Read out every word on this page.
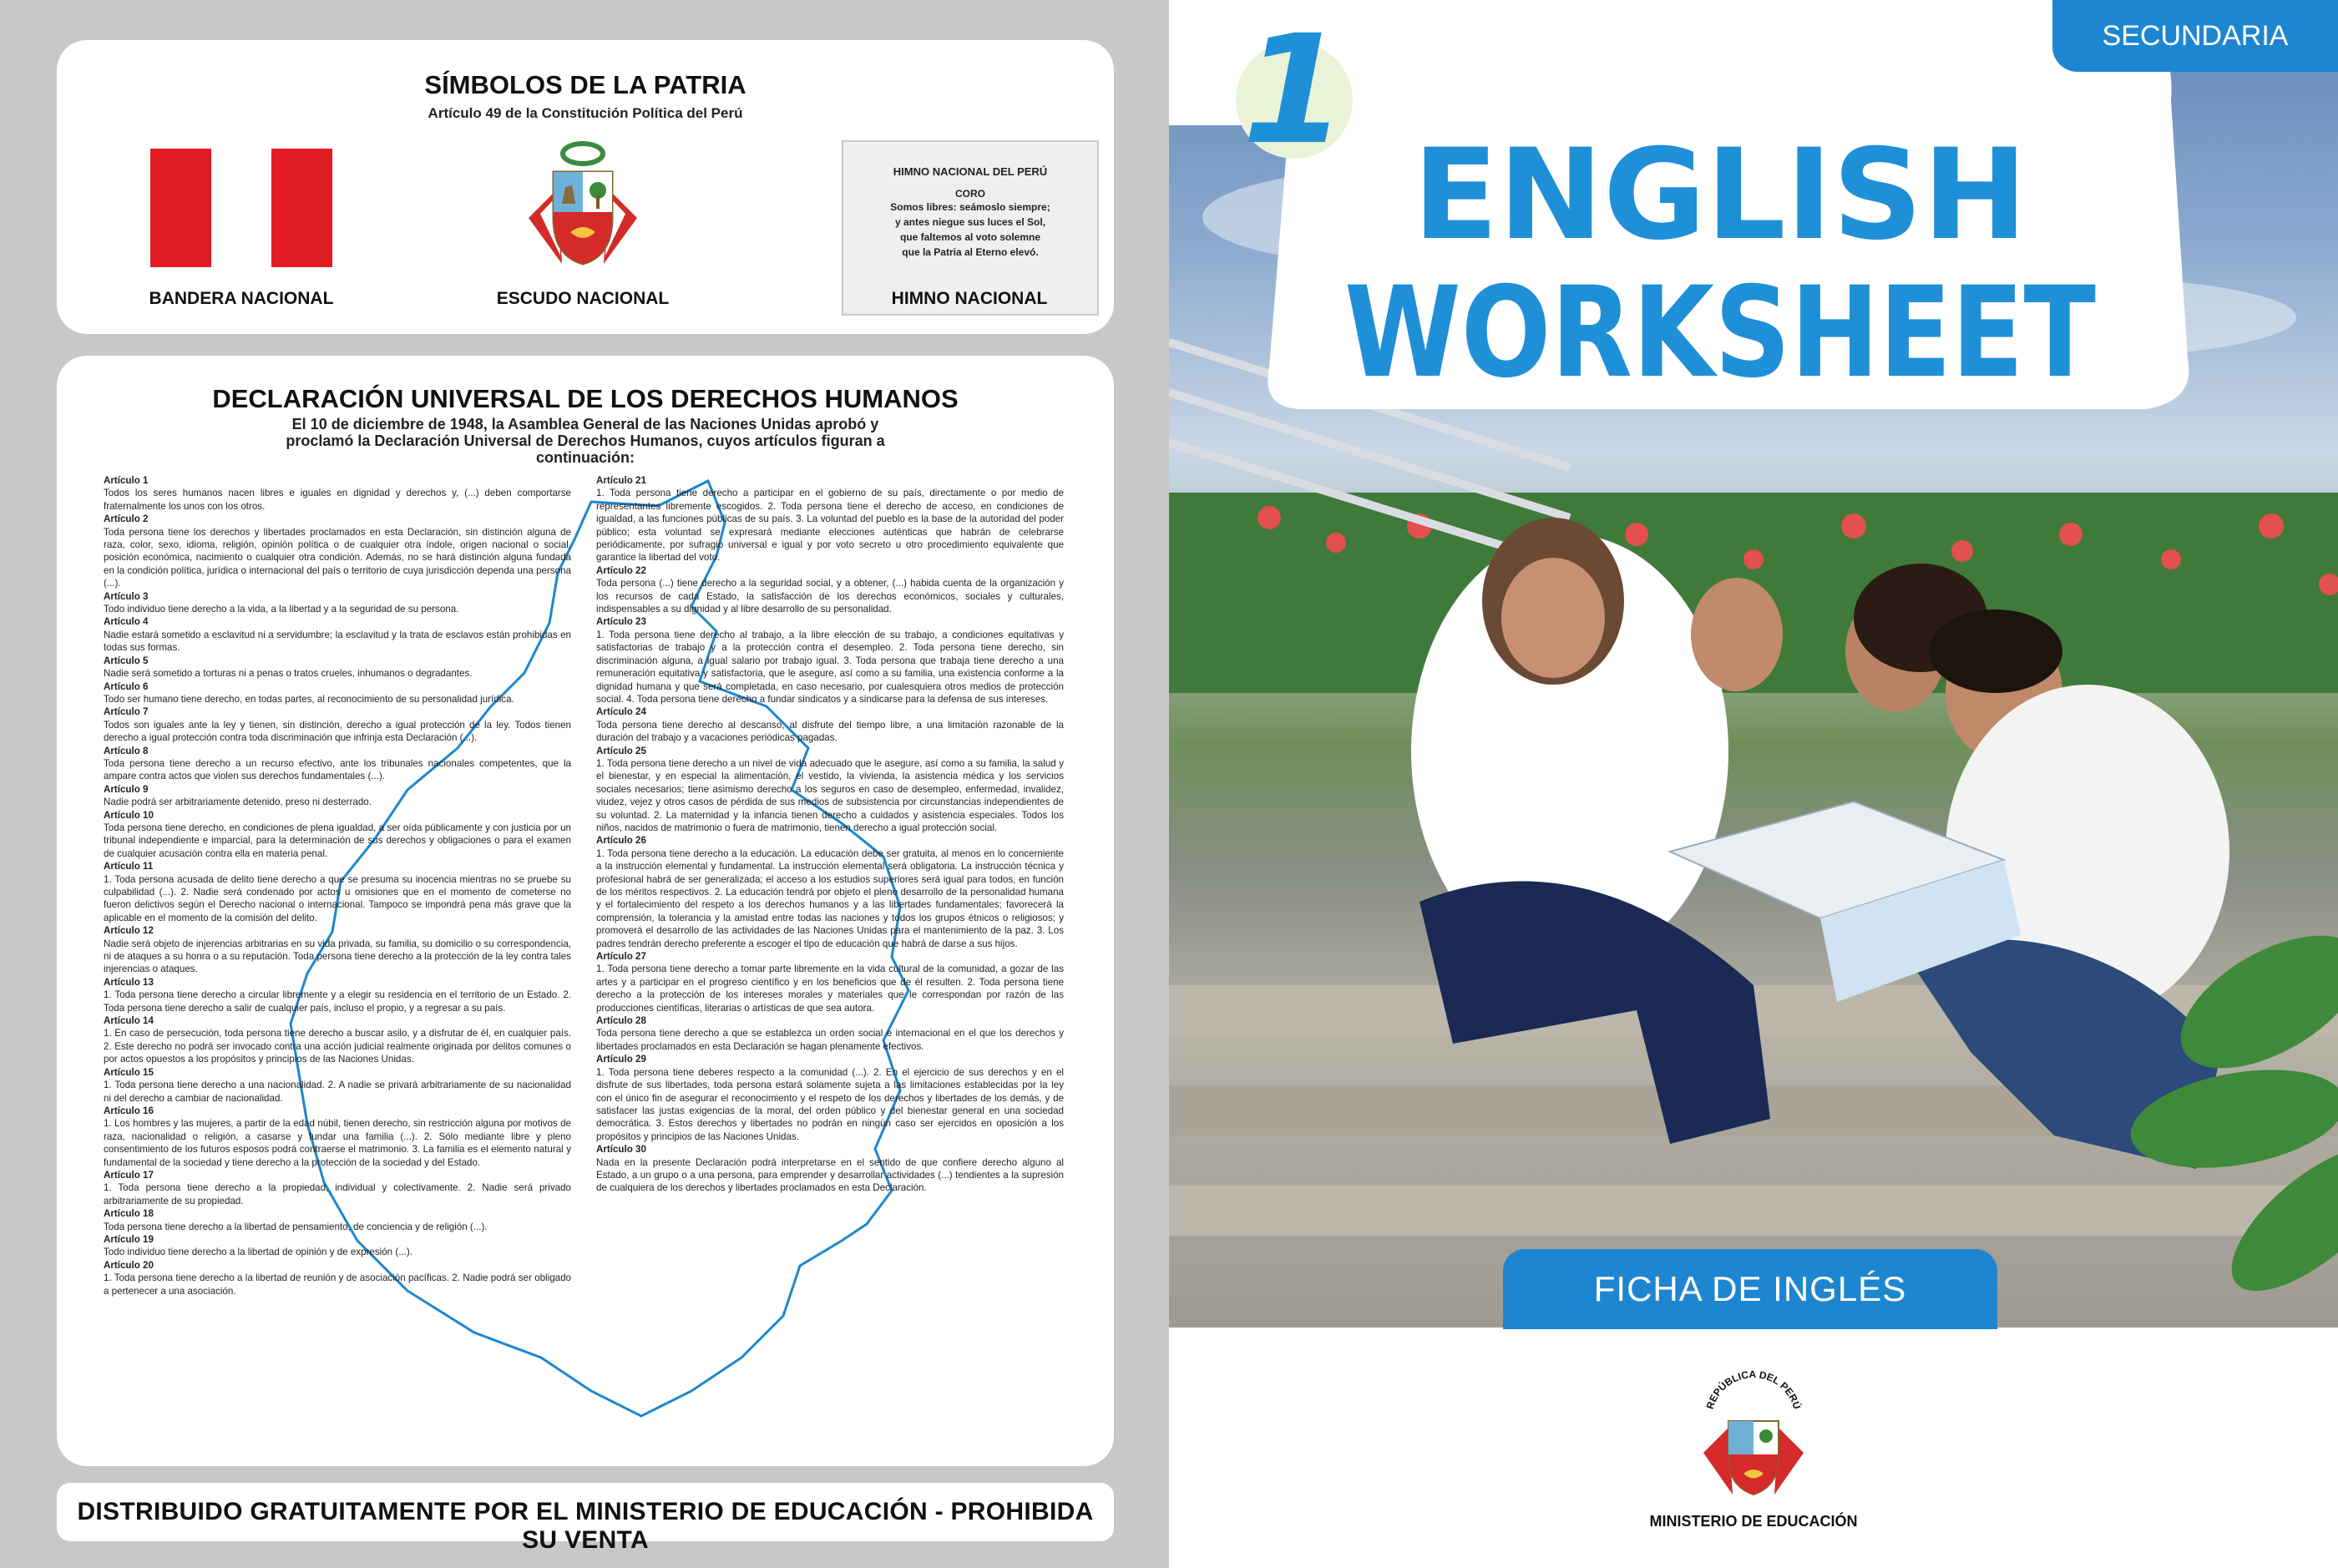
SÍMBOLOS DE LA PATRIA
Artículo 49 de la Constitución Política del Perú
BANDERA NACIONAL	ESCUDO NACIONAL
HIMNO NACIONAL DEL PERÚ
CORO
Somos libres: seámoslo siempre;
y antes niegue sus luces el Sol,
que faltemos al voto solemne
que la Patria al Eterno elevó.
HIMNO NACIONAL
DECLARACIÓN UNIVERSAL DE LOS DERECHOS HUMANOS
El 10 de diciembre de 1948, la Asamblea General de las Naciones Unidas aprobó y proclamó la Declaración Universal de Derechos Humanos, cuyos artículos figuran a continuación:
Artículo 1
Todos los seres humanos nacen libres e iguales en dignidad y derechos y, (...) deben comportarse fraternalmente los unos con los otros.
Artículo 2
Toda persona tiene los derechos y libertades proclamados en esta Declaración, sin distinción alguna de raza, color, sexo, idioma, religión, opinión política o de cualquier otra índole, origen nacional o social, posición económica, nacimiento o cualquier otra condición. Además, no se hará distinción alguna fundada en la condición política, jurídica o internacional del país o territorio de cuya jurisdicción dependa una persona (...).
Artículo 3
Todo individuo tiene derecho a la vida, a la libertad y a la seguridad de su persona.
Artículo 4
Nadie estará sometido a esclavitud ni a servidumbre; la esclavitud y la trata de esclavos están prohibidas en todas sus formas.
Artículo 5
Nadie será sometido a torturas ni a penas o tratos crueles, inhumanos o degradantes.
Artículo 6
Todo ser humano tiene derecho, en todas partes, al reconocimiento de su personalidad jurídica.
Artículo 7
Todos son iguales ante la ley y tienen, sin distinción, derecho a igual protección de la ley. Todos tienen derecho a igual protección contra toda discriminación que infrinja esta Declaración (...).
Artículo 8
Toda persona tiene derecho a un recurso efectivo, ante los tribunales nacionales competentes, que la ampare contra actos que violen sus derechos fundamentales (...).
Artículo 9
Nadie podrá ser arbitrariamente detenido, preso ni desterrado.
Artículo 10
Toda persona tiene derecho, en condiciones de plena igualdad, a ser oída públicamente y con justicia por un tribunal independiente e imparcial, para la determinación de sus derechos y obligaciones o para el examen de cualquier acusación contra ella en materia penal.
Artículo 11
1. Toda persona acusada de delito tiene derecho a que se presuma su inocencia mientras no se pruebe su culpabilidad (...). 2. Nadie será condenado por actos u omisiones que en el momento de cometerse no fueron delictivos según el Derecho nacional o internacional. Tampoco se impondrá pena más grave que la aplicable en el momento de la comisión del delito.
Artículo 12
Nadie será objeto de injerencias arbitrarias en su vida privada, su familia, su domicilio o su correspondencia, ni de ataques a su honra o a su reputación. Toda persona tiene derecho a la protección de la ley contra tales injerencias o ataques.
Artículo 13
1. Toda persona tiene derecho a circular libremente y a elegir su residencia en el territorio de un Estado. 2. Toda persona tiene derecho a salir de cualquier país, incluso el propio, y a regresar a su país.
Artículo 14
1. En caso de persecución, toda persona tiene derecho a buscar asilo, y a disfrutar de él, en cualquier país. 2. Este derecho no podrá ser invocado contra una acción judicial realmente originada por delitos comunes o por actos opuestos a los propósitos y principios de las Naciones Unidas.
Artículo 15
1. Toda persona tiene derecho a una nacionalidad. 2. A nadie se privará arbitrariamente de su nacionalidad ni del derecho a cambiar de nacionalidad.
Artículo 16
1. Los hombres y las mujeres, a partir de la edad núbil, tienen derecho, sin restricción alguna por motivos de raza, nacionalidad o religión, a casarse y fundar una familia (...). 2. Sólo mediante libre y pleno consentimiento de los futuros esposos podrá contraerse el matrimonio. 3. La familia es el elemento natural y fundamental de la sociedad y tiene derecho a la protección de la sociedad y del Estado.
Artículo 17
1. Toda persona tiene derecho a la propiedad, individual y colectivamente. 2. Nadie será privado arbitrariamente de su propiedad.
Artículo 18
Toda persona tiene derecho a la libertad de pensamiento, de conciencia y de religión (...).
Artículo 19
Todo individuo tiene derecho a la libertad de opinión y de expresión (...).
Artículo 20
1. Toda persona tiene derecho a la libertad de reunión y de asociación pacíficas. 2. Nadie podrá ser obligado a pertenecer a una asociación.
Artículo 21
1. Toda persona tiene derecho a participar en el gobierno de su país, directamente o por medio de representantes libremente escogidos. 2. Toda persona tiene el derecho de acceso, en condiciones de igualdad, a las funciones públicas de su país. 3. La voluntad del pueblo es la base de la autoridad del poder público; esta voluntad se expresará mediante elecciones auténticas que habrán de celebrarse periódicamente, por sufragio universal e igual y por voto secreto u otro procedimiento equivalente que garantice la libertad del voto.
Artículo 22
Toda persona (...) tiene derecho a la seguridad social, y a obtener, (...) habida cuenta de la organización y los recursos de cada Estado, la satisfacción de los derechos económicos, sociales y culturales, indispensables a su dignidad y al libre desarrollo de su personalidad.
Artículo 23
1. Toda persona tiene derecho al trabajo, a la libre elección de su trabajo, a condiciones equitativas y satisfactorias de trabajo y a la protección contra el desempleo. 2. Toda persona tiene derecho, sin discriminación alguna, a igual salario por trabajo igual. 3. Toda persona que trabaja tiene derecho a una remuneración equitativa y satisfactoria, que le asegure, así como a su familia, una existencia conforme a la dignidad humana y que será completada, en caso necesario, por cualesquiera otros medios de protección social. 4. Toda persona tiene derecho a fundar sindicatos y a sindicarse para la defensa de sus intereses.
Artículo 24
Toda persona tiene derecho al descanso, al disfrute del tiempo libre, a una limitación razonable de la duración del trabajo y a vacaciones periódicas pagadas.
Artículo 25
1. Toda persona tiene derecho a un nivel de vida adecuado que le asegure, así como a su familia, la salud y el bienestar, y en especial la alimentación, el vestido, la vivienda, la asistencia médica y los servicios sociales necesarios; tiene asimismo derecho a los seguros en caso de desempleo, enfermedad, invalidez, viudez, vejez y otros casos de pérdida de sus medios de subsistencia por circunstancias independientes de su voluntad. 2. La maternidad y la infancia tienen derecho a cuidados y asistencia especiales. Todos los niños, nacidos de matrimonio o fuera de matrimonio, tienen derecho a igual protección social.
Artículo 26
1. Toda persona tiene derecho a la educación. La educación debe ser gratuita, al menos en lo concerniente a la instrucción elemental y fundamental. La instrucción elemental será obligatoria. La instrucción técnica y profesional habrá de ser generalizada; el acceso a los estudios superiores será igual para todos, en función de los méritos respectivos. 2. La educación tendrá por objeto el pleno desarrollo de la personalidad humana y el fortalecimiento del respeto a los derechos humanos y a las libertades fundamentales; favorecerá la comprensión, la tolerancia y la amistad entre todas las naciones y todos los grupos étnicos o religiosos; y promoverá el desarrollo de las actividades de las Naciones Unidas para el mantenimiento de la paz. 3. Los padres tendrán derecho preferente a escoger el tipo de educación que habrá de darse a sus hijos.
Artículo 27
1. Toda persona tiene derecho a tomar parte libremente en la vida cultural de la comunidad, a gozar de las artes y a participar en el progreso científico y en los beneficios que de él resulten. 2. Toda persona tiene derecho a la protección de los intereses morales y materiales que le correspondan por razón de las producciones científicas, literarias o artísticas de que sea autora.
Artículo 28
Toda persona tiene derecho a que se establezca un orden social e internacional en el que los derechos y libertades proclamados en esta Declaración se hagan plenamente efectivos.
Artículo 29
1. Toda persona tiene deberes respecto a la comunidad (...). 2. En el ejercicio de sus derechos y en el disfrute de sus libertades, toda persona estará solamente sujeta a las limitaciones establecidas por la ley con el único fin de asegurar el reconocimiento y el respeto de los derechos y libertades de los demás, y de satisfacer las justas exigencias de la moral, del orden público y del bienestar general en una sociedad democrática. 3. Estos derechos y libertades no podrán en ningún caso ser ejercidos en oposición a los propósitos y principios de las Naciones Unidas.
Artículo 30
Nada en la presente Declaración podrá interpretarse en el sentido de que confiere derecho alguno al Estado, a un grupo o a una persona, para emprender y desarrollar actividades (...) tendientes a la supresión de cualquiera de los derechos y libertades proclamados en esta Declaración.
DISTRIBUIDO GRATUITAMENTE POR EL MINISTERIO DE EDUCACIÓN - PROHIBIDA SU VENTA
1
ENGLISH
WORKSHEET
SECUNDARIA
FICHA DE INGLÉS
REPÚBLICA DEL PERÚ
MINISTERIO DE EDUCACIÓN
